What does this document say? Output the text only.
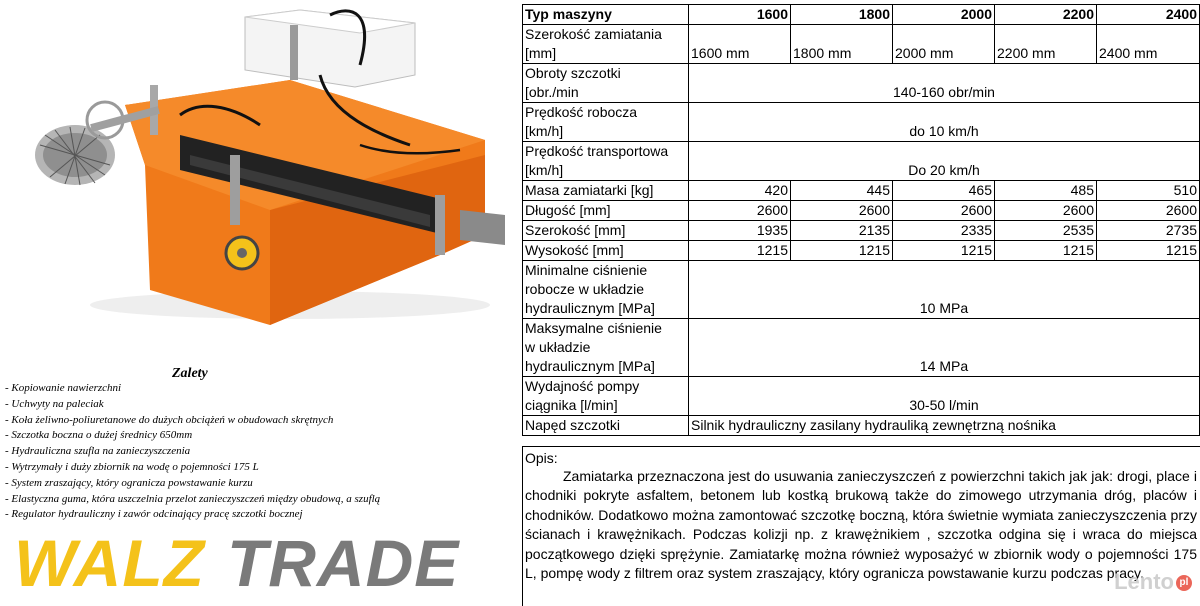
Zalety
- Kopiowanie nawierzchni
- Uchwyty na paleciak
- Koła żeliwno-poliuretanowe do dużych obciążeń w obudowach skrętnych
- Szczotka boczna o dużej średnicy 650mm
- Hydrauliczna szufla na zanieczyszczenia
- Wytrzymały i duży zbiornik na wodę o pojemności 175 L
- System zraszający, który ogranicza powstawanie kurzu
- Elastyczna guma, która uszczelnia przelot zanieczyszczeń między obudową, a szuflą
- Regulator hydrauliczny i zawór odcinający pracę szczotki bocznej
WALZ TRADE
Typ maszyny	1600	1800	2000	2200	2400
Szerokość zamiatania
[mm]	1600 mm	1800 mm	2000 mm	2200 mm	2400 mm
Obroty szczotki
[obr./min	140-160 obr/min				
Prędkość robocza
[km/h]	do 10 km/h				
Prędkość transportowa
[km/h]	Do 20 km/h				
Masa zamiatarki [kg]	420	445	465	485	510
Długość [mm]	2600	2600	2600	2600	2600
Szerokość [mm]	1935	2135	2335	2535	2735
Wysokość [mm]	1215	1215	1215	1215	1215
Minimalne ciśnienie
robocze w układzie
hydraulicznym [MPa]	10 MPa				
Maksymalne ciśnienie
w układzie
hydraulicznym [MPa]	14 MPa				
Wydajność pompy
ciągnika [l/min]	30-50 l/min				
Napęd szczotki	Silnik hydrauliczny zasilany hydrauliką zewnętrzną nośnika				
Opis:
Zamiatarka przeznaczona jest do usuwania zanieczyszczeń z powierzchni takich jak jak: drogi, place i chodniki pokryte asfaltem, betonem lub kostką brukową także do zimowego utrzymania dróg, placów i chodników. Dodatkowo można zamontować szczotkę boczną, która świetnie wymiata zanieczyszczenia przy ścianach i krawężnikach. Podczas kolizji np. z krawężnikiem , szczotka odgina się i wraca do miejsca początkowego dzięki sprężynie. Zamiatarkę można również wyposażyć w zbiornik wody o pojemności 175 L, pompę wody z filtrem oraz system zraszający, który ogranicza powstawanie kurzu podczas pracy.
Lento pl
